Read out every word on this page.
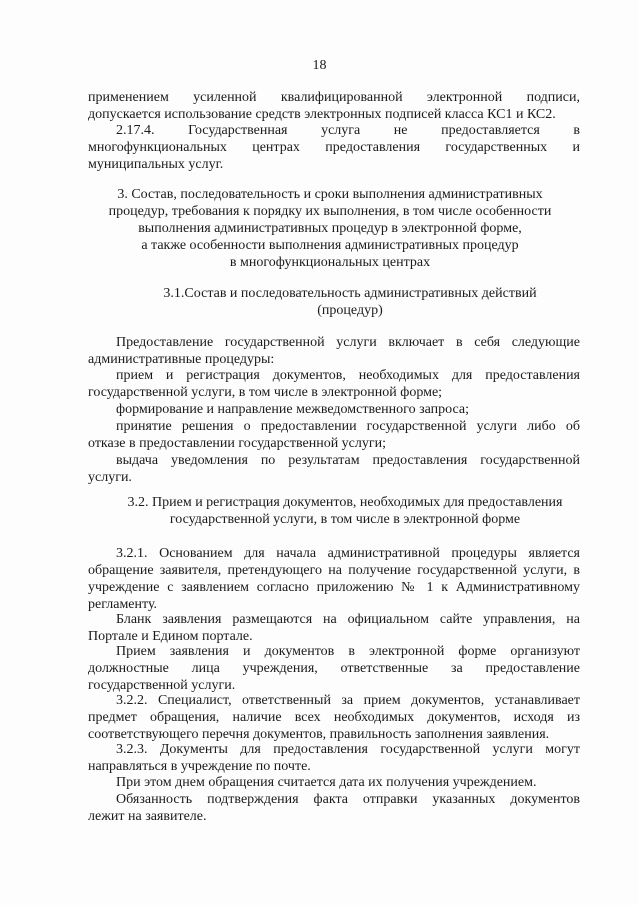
18
применением усиленной квалифицированной электронной подписи,
допускается использование средств электронных подписей класса КС1 и КС2.
2.17.4. Государственная услуга не предоставляется в
многофункциональных центрах предоставления государственных и
муниципальных услуг.
3. Состав, последовательность и сроки выполнения административных
процедур, требования к порядку их выполнения, в том числе особенности
выполнения административных процедур в электронной форме,
а также особенности выполнения административных процедур
в многофункциональных центрах
3.1.Состав и последовательность административных действий
(процедур)
Предоставление государственной услуги включает в себя следующие
административные процедуры:
прием и регистрация документов, необходимых для предоставления
государственной услуги, в том числе в электронной форме;
формирование и направление межведомственного запроса;
принятие решения о предоставлении государственной услуги либо об
отказе в предоставлении государственной услуги;
выдача уведомления по результатам предоставления государственной
услуги.
3.2. Прием и регистрация документов, необходимых для предоставления
государственной услуги, в том числе в электронной форме
3.2.1. Основанием для начала административной процедуры является
обращение заявителя, претендующего на получение государственной услуги, в
учреждение с заявлением согласно приложению № 1 к Административному
регламенту.
Бланк заявления размещаются на официальном сайте управления, на
Портале и Едином портале.
Прием заявления и документов в электронной форме организуют
должностные лица учреждения, ответственные за предоставление
государственной услуги.
3.2.2. Специалист, ответственный за прием документов, устанавливает
предмет обращения, наличие всех необходимых документов, исходя из
соответствующего перечня документов, правильность заполнения заявления.
3.2.3. Документы для предоставления государственной услуги могут
направляться в учреждение по почте.
При этом днем обращения считается дата их получения учреждением.
Обязанность подтверждения факта отправки указанных документов
лежит на заявителе.
